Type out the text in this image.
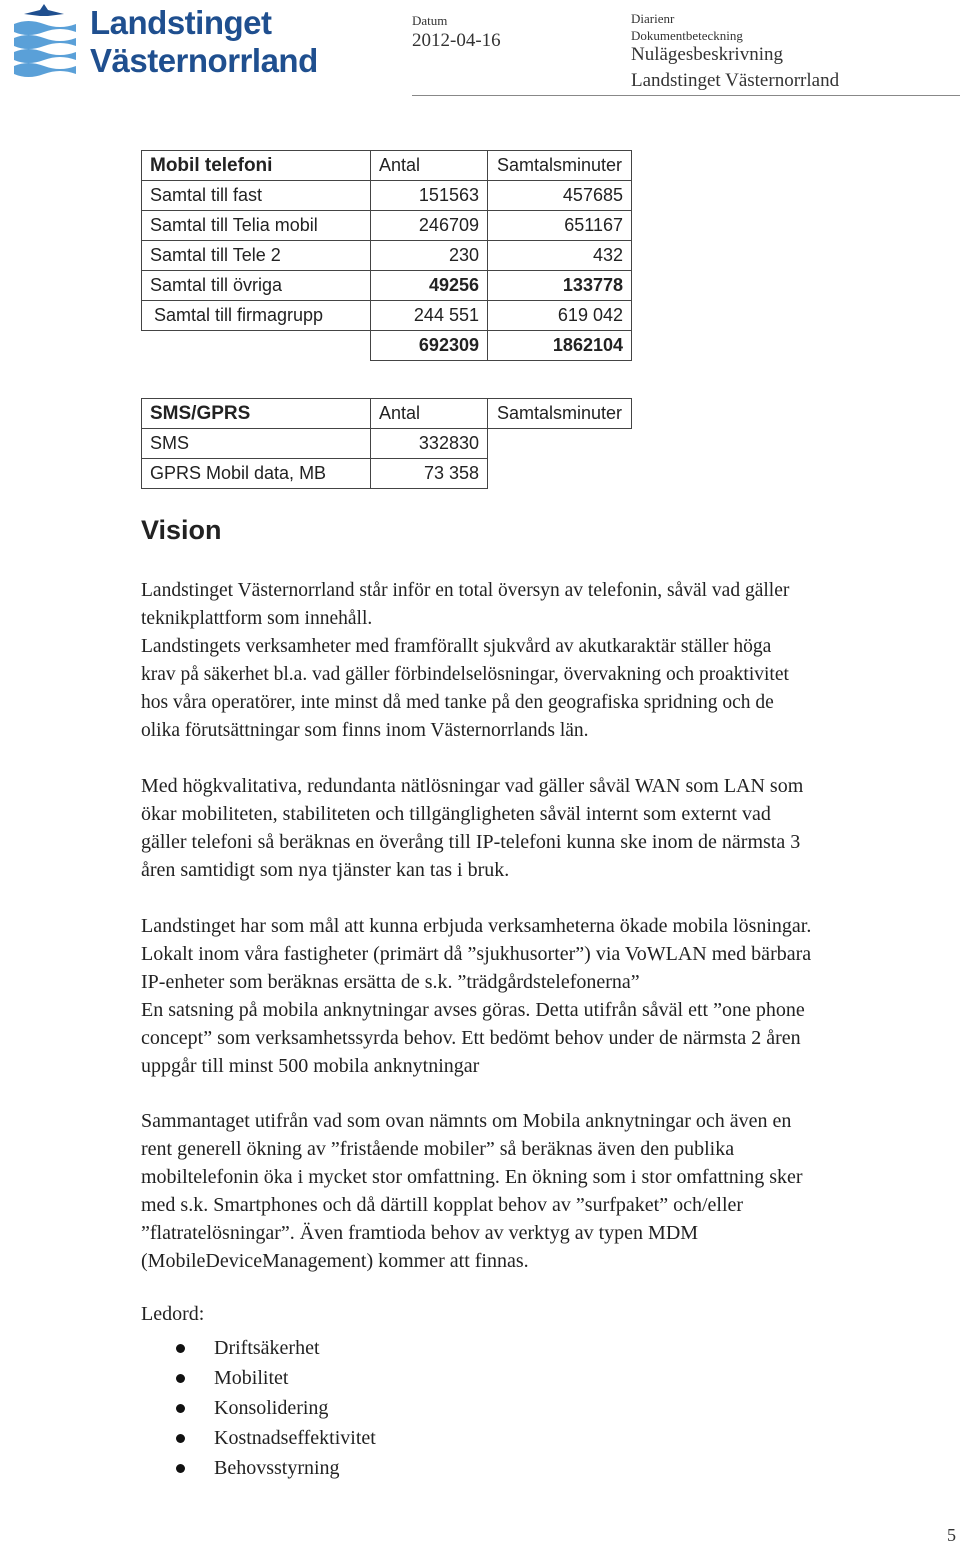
Landstinget
Västernorrland
Datum
2012-04-16
Diarienr
Dokumentbeteckning
Nulägesbeskrivning
Landstinget Västernorrland
Mobil telefoni	Antal	Samtalsminuter
Samtal till fast	151563	457685
Samtal till Telia mobil	246709	651167
Samtal till Tele 2	230	432
Samtal till övriga	49256	133778
Samtal till firmagrupp	244 551	619 042
	692309	1862104
SMS/GPRS	Antal	Samtalsminuter
SMS	332830	
GPRS Mobil data, MB	73 358	
Vision

Landstinget Västernorrland står inför en total översyn av telefonin, såväl vad gäller
teknikplattform som innehåll.
Landstingets verksamheter med framförallt sjukvård av akutkaraktär ställer höga
krav på säkerhet bl.a. vad gäller förbindelselösningar, övervakning och proaktivitet
hos våra operatörer, inte minst då med tanke på den geografiska spridning och de
olika förutsättningar som finns inom Västernorrlands län.

Med högkvalitativa, redundanta nätlösningar vad gäller såväl WAN som LAN som
ökar mobiliteten, stabiliteten och tillgängligheten såväl internt som externt vad
gäller telefoni så beräknas en överång till IP-telefoni kunna ske inom de närmsta 3
åren samtidigt som nya tjänster kan tas i bruk.

Landstinget har som mål att kunna erbjuda verksamheterna ökade mobila lösningar.
Lokalt inom våra fastigheter (primärt då ”sjukhusorter”) via VoWLAN med bärbara
IP-enheter som beräknas ersätta de s.k. ”trädgårdstelefonerna”
En satsning på mobila anknytningar avses göras. Detta utifrån såväl ett ”one phone
concept” som verksamhetssyrda behov. Ett bedömt behov under de närmsta 2 åren
uppgår till minst 500 mobila anknytningar

Sammantaget utifrån vad som ovan nämnts om Mobila anknytningar och även en
rent generell ökning av ”fristående mobiler” så beräknas även den publika
mobiltelefonin öka i mycket stor omfattning. En ökning som i stor omfattning sker
med s.k. Smartphones och då därtill kopplat behov av ”surfpaket” och/eller
”flatratelösningar”. Även framtioda behov av verktyg av typen MDM
(MobileDeviceManagement) kommer att finnas.

Ledord:
Driftsäkerhet
Mobilitet
Konsolidering
Kostnadseffektivitet
Behovsstyrning
5
